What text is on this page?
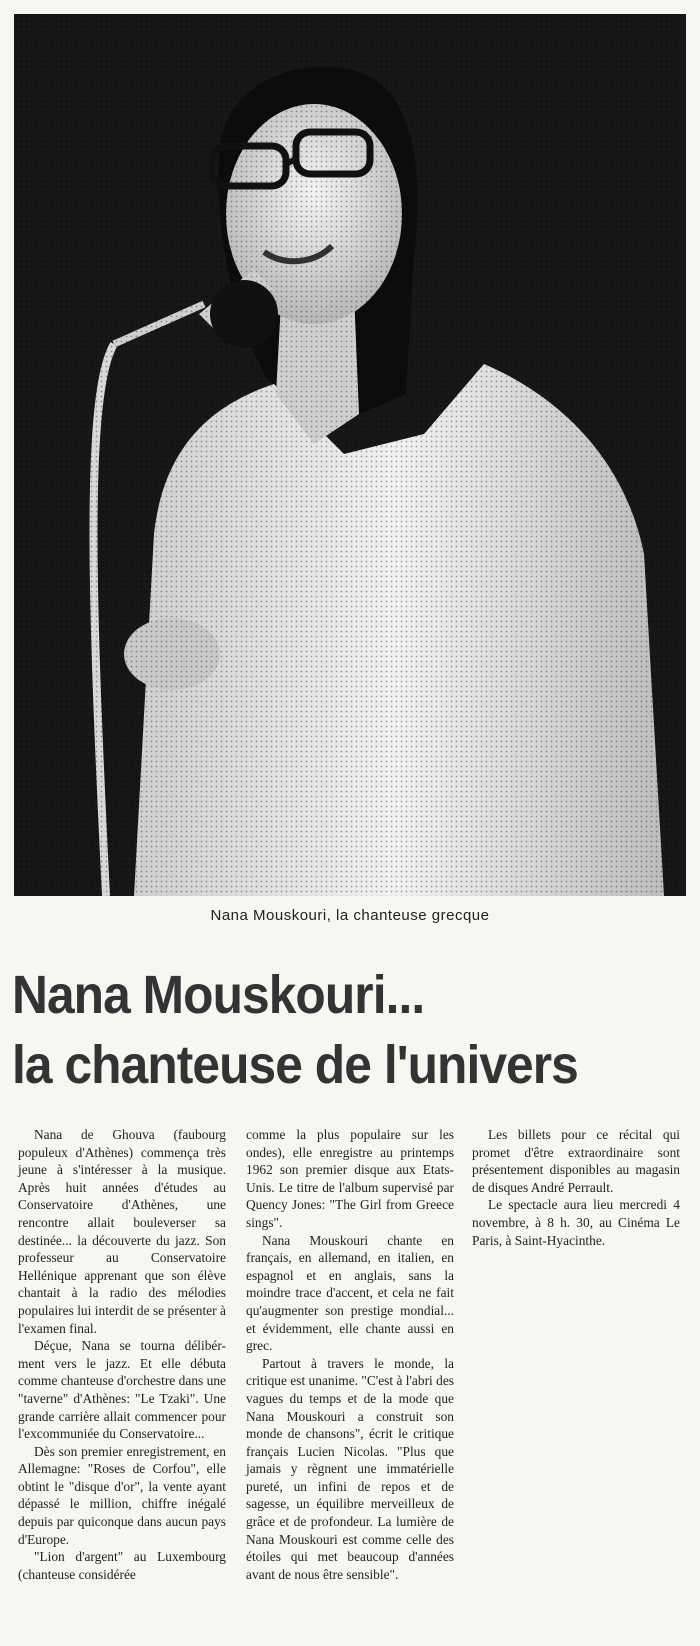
Nana Mouskouri, la chanteuse grecque
Nana Mouskouri...
la chanteuse de l'univers

Nana de Ghouva (faubourg populeux d'Athènes) commença très jeune à s'intéresser à la musique. Après huit années d'études au Conservatoire d'Athènes, une rencontre allait bouleverser sa destinée... la découverte du jazz. Son professeur au Conservatoire Hellénique apprenant que son élève chantait à la radio des mélodies populaires lui interdit de se présenter à l'examen final.

Déçue, Nana se tourna délibér-ment vers le jazz. Et elle débuta comme chanteuse d'orchestre dans une "taverne" d'Athènes: "Le Tzaki". Une grande carrière allait commencer pour l'excommuniée du Conservatoire...

Dès son premier enregistrement, en Allemagne: "Roses de Corfou", elle obtint le "disque d'or", la vente ayant dépassé le million, chiffre inégalé depuis par quiconque dans aucun pays d'Europe.

"Lion d'argent" au Luxembourg (chanteuse considérée

comme la plus populaire sur les ondes), elle enregistre au printemps 1962 son premier disque aux Etats-Unis. Le titre de l'album supervisé par Quency Jones: "The Girl from Greece sings".

Nana Mouskouri chante en français, en allemand, en italien, en espagnol et en anglais, sans la moindre trace d'accent, et cela ne fait qu'augmenter son prestige mondial... et évidemment, elle chante aussi en grec.

Partout à travers le monde, la critique est unanime. "C'est à l'abri des vagues du temps et de la mode que Nana Mouskouri a construit son monde de chansons", écrit le critique français Lucien Nicolas. "Plus que jamais y règnent une immatérielle pureté, un infini de repos et de sagesse, un équilibre merveilleux de grâce et de profondeur. La lumière de Nana Mouskouri est comme celle des étoiles qui met beaucoup d'années avant de nous être sensible".

Les billets pour ce récital qui promet d'être extraordinaire sont présentement disponibles au magasin de disques André Perrault.

Le spectacle aura lieu mercredi 4 novembre, à 8 h. 30, au Cinéma Le Paris, à Saint-Hyacinthe.
